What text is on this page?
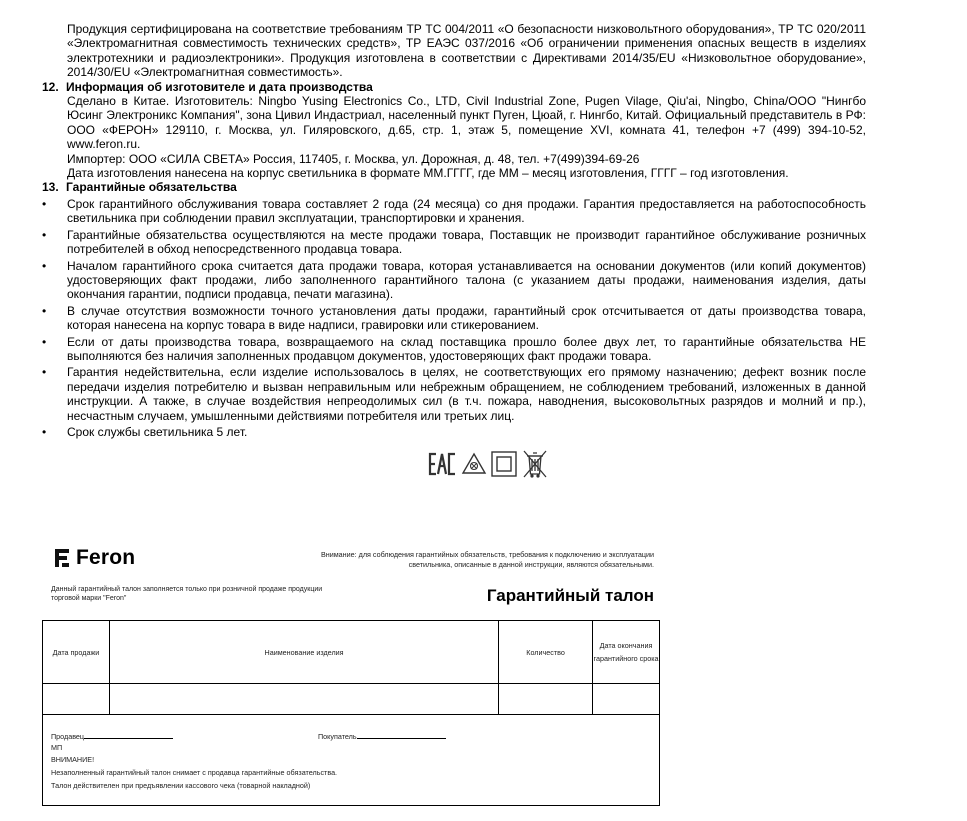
Продукция сертифицирована на соответствие требованиям ТР ТС 004/2011 «О безопасности низковольтного оборудования», ТР ТС 020/2011 «Электромагнитная совместимость технических средств», ТР ЕАЭС 037/2016 «Об ограничении применения опасных веществ в изделиях электротехники и радиоэлектроники». Продукция изготовлена в соответствии с Директивами 2014/35/EU «Низковольтное оборудование», 2014/30/EU «Электромагнитная совместимость».
12. Информация об изготовителе и дата производства
Сделано в Китае. Изготовитель: Ningbo Yusing Electronics Co., LTD, Civil Industrial Zone, Pugen Vilage, Qiu'ai, Ningbo, China/ООО "Нингбо Юсинг Электроникс Компания", зона Цивил Индастриал, населенный пункт Пуген, Цюай, г. Нингбо, Китай. Официальный представитель в РФ: ООО «ФЕРОН» 129110, г. Москва, ул. Гиляровского, д.65, стр. 1, этаж 5, помещение XVI, комната 41, телефон +7 (499) 394-10-52, www.feron.ru.
Импортер: ООО «СИЛА СВЕТА» Россия, 117405, г. Москва, ул. Дорожная, д. 48, тел. +7(499)394-69-26
Дата изготовления нанесена на корпус светильника в формате ММ.ГГГГ, где ММ – месяц изготовления, ГГГГ – год изготовления.
13. Гарантийные обязательства
•	Срок гарантийного обслуживания товара составляет 2 года (24 месяца) со дня продажи. Гарантия предоставляется на работоспособность светильника при соблюдении правил эксплуатации, транспортировки и хранения.
•	Гарантийные обязательства осуществляются на месте продажи товара, Поставщик не производит гарантийное обслуживание розничных потребителей в обход непосредственного продавца товара.
•	Началом гарантийного срока считается дата продажи товара, которая устанавливается на основании документов (или копий документов) удостоверяющих факт продажи, либо заполненного гарантийного талона (с указанием даты продажи, наименования изделия, даты окончания гарантии, подписи продавца, печати магазина).
•	В случае отсутствия возможности точного установления даты продажи, гарантийный срок отсчитывается от даты производства товара, которая нанесена на корпус товара в виде надписи, гравировки или стикерованием.
•	Если от даты производства товара, возвращаемого на склад поставщика прошло более двух лет, то гарантийные обязательства НЕ выполняются без наличия заполненных продавцом документов, удостоверяющих факт продажи товара.
•	Гарантия недействительна, если изделие использовалось в целях, не соответствующих его прямому назначению; дефект возник после передачи изделия потребителю и вызван неправильным или небрежным обращением, не соблюдением требований, изложенных в данной инструкции. А также, в случае воздействия непреодолимых сил (в т.ч. пожара, наводнения, высоковольтных разрядов и молний и пр.), несчастным случаем, умышленными действиями потребителя или третьих лиц.
•	Срок службы светильника 5 лет.
Feron	Внимание: для соблюдения гарантийных обязательств, требования к подключению и эксплуатации светильника, описанные в данной инструкции, являются обязательными.
Данный гарантийный талон заполняется только при розничной продаже продукции торговой марки "Feron"	Гарантийный талон
Дата продажи	Наименование изделия	Количество	Дата окончания гарантийного срока

Продавец	Покупатель
МП
ВНИМАНИЕ!
Незаполненный гарантийный талон снимает с продавца гарантийные обязательства.
Талон действителен при предъявлении кассового чека (товарной накладной)
